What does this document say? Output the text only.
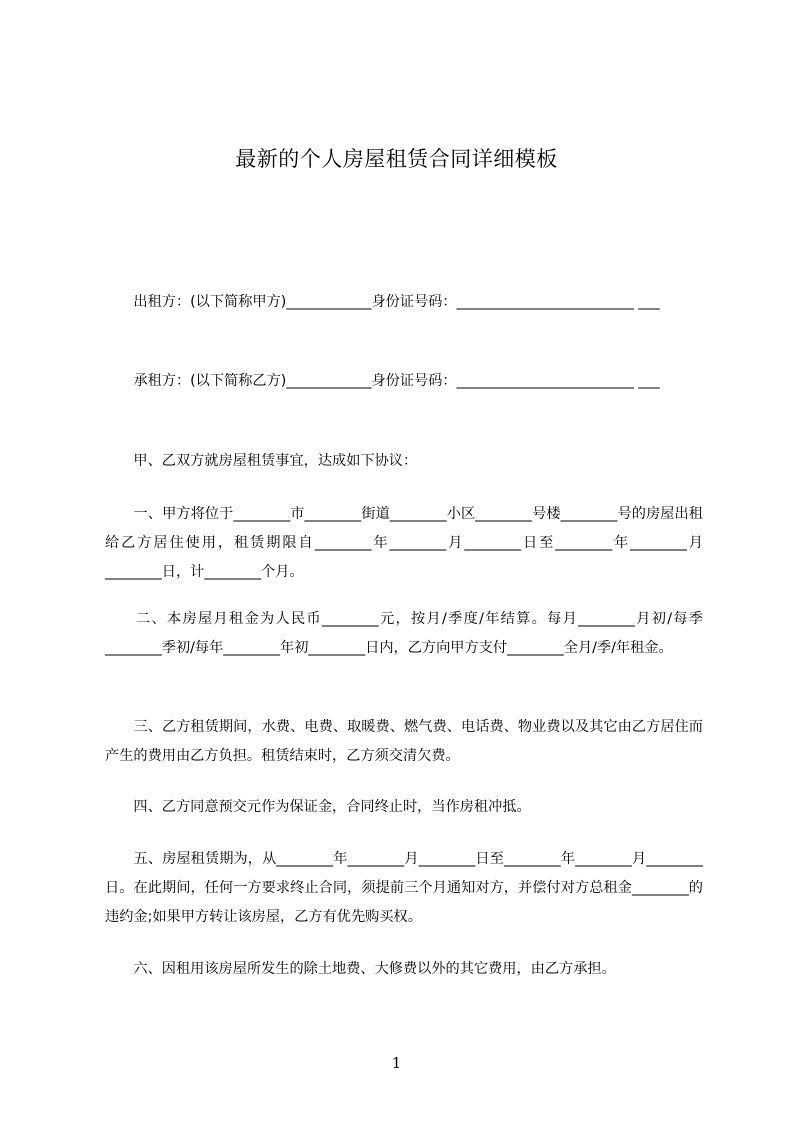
最新的个人房屋租赁合同详细模板

　　出租方：(以下简称甲方)____________身份证号码：_________________________ ___

　　承租方：(以下简称乙方)____________身份证号码：_________________________ ___

　　甲、乙双方就房屋租赁事宜，达成如下协议：

　　一、甲方将位于________市________街道________小区________号楼________号的房屋出租给乙方居住使用，租赁期限自________年________月________日至________年________月________日，计________个月。

　　二、本房屋月租金为人民币________元，按月/季度/年结算。每月________月初/每季________季初/每年________年初________日内，乙方向甲方支付________全月/季/年租金。

　　三、乙方租赁期间，水费、电费、取暖费、燃气费、电话费、物业费以及其它由乙方居住而产生的费用由乙方负担。租赁结束时，乙方须交清欠费。

　　四、乙方同意预交元作为保证金，合同终止时，当作房租冲抵。

　　五、房屋租赁期为，从________年________月________日至________年________月________日。在此期间，任何一方要求终止合同，须提前三个月通知对方，并偿付对方总租金________的违约金;如果甲方转让该房屋，乙方有优先购买权。

　　六、因租用该房屋所发生的除土地费、大修费以外的其它费用，由乙方承担。

1
